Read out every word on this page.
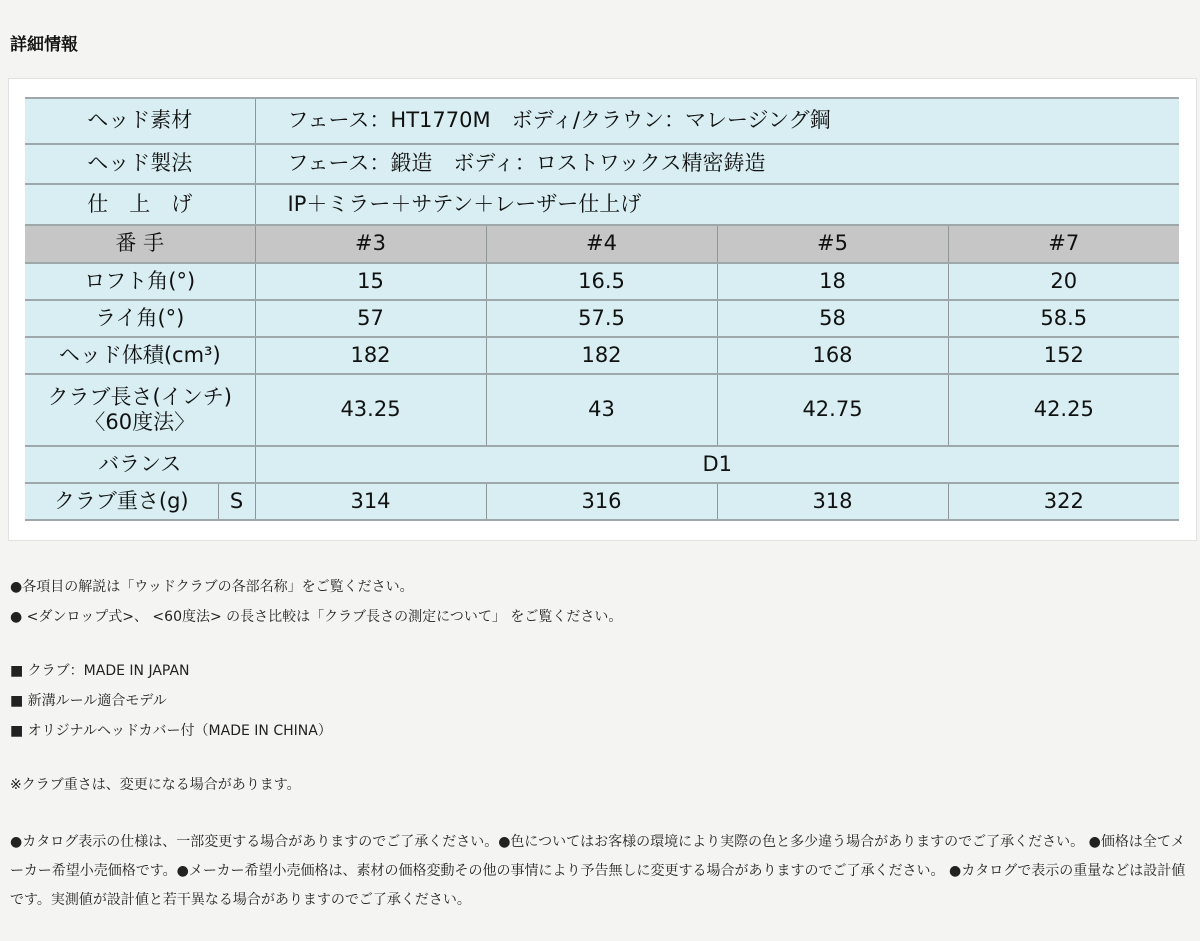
詳細情報
ヘッド素材		フェース：HT1770M　ボディ/クラウン：マレージング鋼			
ヘッド製法		フェース：鍛造　ボディ：ロストワックス精密鋳造			
仕　上　げ		IP＋ミラー＋サテン＋レーザー仕上げ			
番 手		#3	#4	#5	#7
ロフト角(°)		15	16.5	18	20
ライ角(°)		57	57.5	58	58.5
ヘッド体積(cm³)		182	182	168	152

クラブ長さ(インチ)
〈60度法〉		43.25	43	42.75	42.25
バランス		D1			
クラブ重さ(g)	S	314	316	318	322

●各項目の解説は「ウッドクラブの各部名称」をご覧ください。

● <ダンロップ式>、 <60度法> の長さ比較は「クラブ長さの測定について」 をご覧ください。

■ クラブ：MADE IN JAPAN

■ 新溝ルール適合モデル

■ オリジナルヘッドカバー付（MADE IN CHINA）

※クラブ重さは、変更になる場合があります。

●カタログ表示の仕様は、一部変更する場合がありますのでご了承ください。●色についてはお客様の環境により実際の色と多少違う場合がありますのでご了承ください。 ●価格は全てメーカー希望小売価格です。●メーカー希望小売価格は、素材の価格変動その他の事情により予告無しに変更する場合がありますのでご了承ください。 ●カタログで表示の重量などは設計値です。実測値が設計値と若干異なる場合がありますのでご了承ください。
